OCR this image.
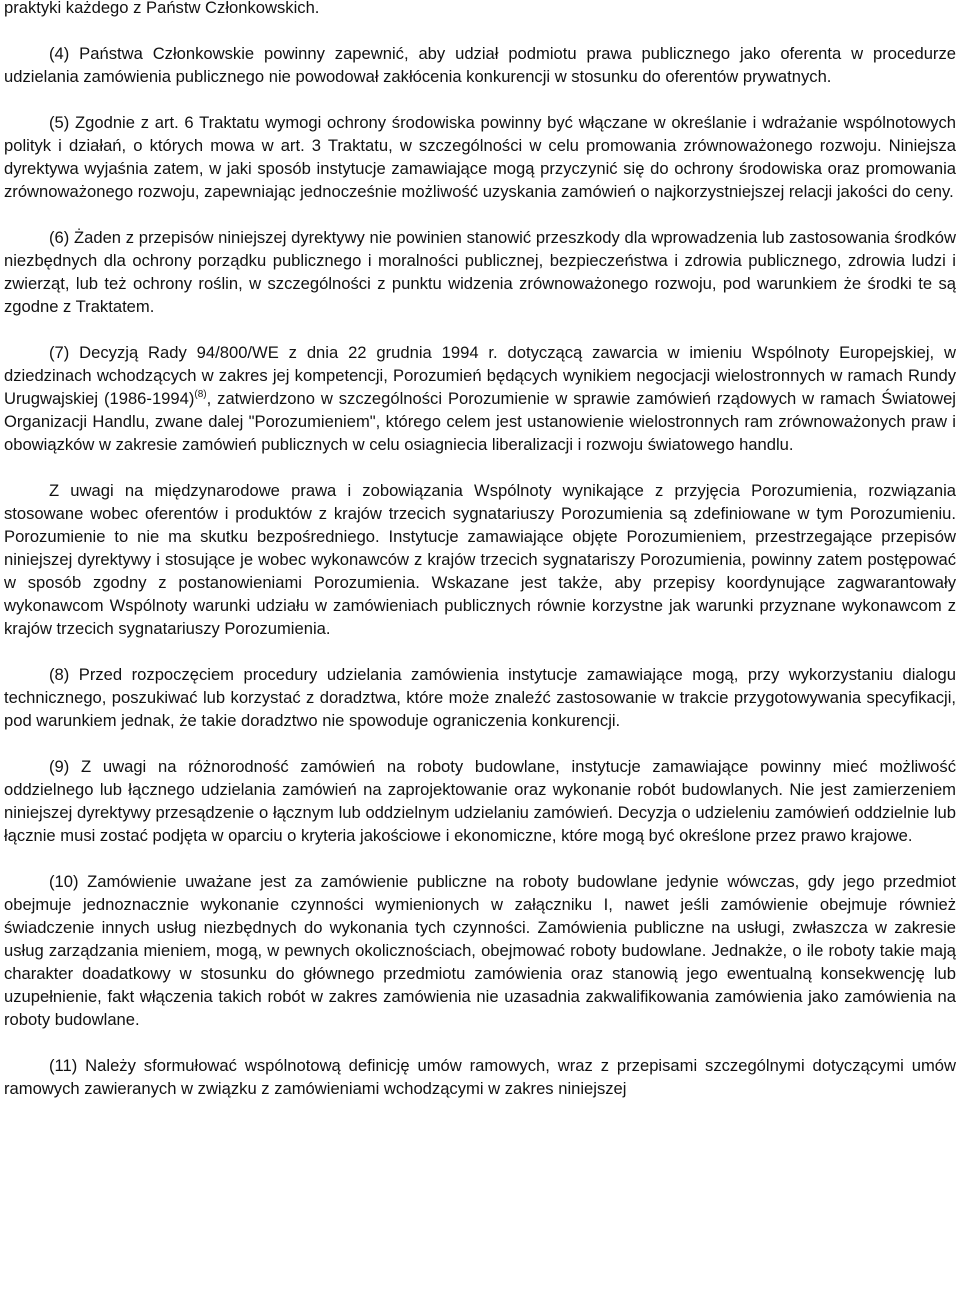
praktyki każdego z Państw Członkowskich.

(4) Państwa Członkowskie powinny zapewnić, aby udział podmiotu prawa publicznego jako oferenta w procedurze udzielania zamówienia publicznego nie powodował zakłócenia konkurencji w stosunku do oferentów prywatnych.

(5) Zgodnie z art. 6 Traktatu wymogi ochrony środowiska powinny być włączane w określanie i wdrażanie wspólnotowych polityk i działań, o których mowa w art. 3 Traktatu, w szczególności w celu promowania zrównoważonego rozwoju. Niniejsza dyrektywa wyjaśnia zatem, w jaki sposób instytucje zamawiające mogą przyczynić się do ochrony środowiska oraz promowania zrównoważonego rozwoju, zapewniając jednocześnie możliwość uzyskania zamówień o najkorzystniejszej relacji jakości do ceny.

(6) Żaden z przepisów niniejszej dyrektywy nie powinien stanowić przeszkody dla wprowadzenia lub zastosowania środków niezbędnych dla ochrony porządku publicznego i moralności publicznej, bezpieczeństwa i zdrowia publicznego, zdrowia ludzi i zwierząt, lub też ochrony roślin, w szczególności z punktu widzenia zrównoważonego rozwoju, pod warunkiem że środki te są zgodne z Traktatem.

(7) Decyzją Rady 94/800/WE z dnia 22 grudnia 1994 r. dotyczącą zawarcia w imieniu Wspólnoty Europejskiej, w dziedzinach wchodzących w zakres jej kompetencji, Porozumień będących wynikiem negocjacji wielostronnych w ramach Rundy Urugwajskiej (1986-1994)$^{(8)}$, zatwierdzono w szczególności Porozumienie w sprawie zamówień rządowych w ramach Światowej Organizacji Handlu, zwane dalej "Porozumieniem", którego celem jest ustanowienie wielostronnych ram zrównoważonych praw i obowiązków w zakresie zamówień publicznych w celu osiagniecia liberalizacji i rozwoju światowego handlu.

Z uwagi na międzynarodowe prawa i zobowiązania Wspólnoty wynikające z przyjęcia Porozumienia, rozwiązania stosowane wobec oferentów i produktów z krajów trzecich sygnatariuszy Porozumienia są zdefiniowane w tym Porozumieniu. Porozumienie to nie ma skutku bezpośredniego. Instytucje zamawiające objęte Porozumieniem, przestrzegające przepisów niniejszej dyrektywy i stosujące je wobec wykonawców z krajów trzecich sygnatariszy Porozumienia, powinny zatem postępować w sposób zgodny z postanowieniami Porozumienia. Wskazane jest także, aby przepisy koordynujące zagwarantowały wykonawcom Wspólnoty warunki udziału w zamówieniach publicznych równie korzystne jak warunki przyznane wykonawcom z krajów trzecich sygnatariuszy Porozumienia.

(8) Przed rozpoczęciem procedury udzielania zamówienia instytucje zamawiające mogą, przy wykorzystaniu dialogu technicznego, poszukiwać lub korzystać z doradztwa, które może znaleźć zastosowanie w trakcie przygotowywania specyfikacji, pod warunkiem jednak, że takie doradztwo nie spowoduje ograniczenia konkurencji.

(9) Z uwagi na różnorodność zamówień na roboty budowlane, instytucje zamawiające powinny mieć możliwość oddzielnego lub łącznego udzielania zamówień na zaprojektowanie oraz wykonanie robót budowlanych. Nie jest zamierzeniem niniejszej dyrektywy przesądzenie o łącznym lub oddzielnym udzielaniu zamówień. Decyzja o udzieleniu zamówień oddzielnie lub łącznie musi zostać podjęta w oparciu o kryteria jakościowe i ekonomiczne, które mogą być określone przez prawo krajowe.

(10) Zamówienie uważane jest za zamówienie publiczne na roboty budowlane jedynie wówczas, gdy jego przedmiot obejmuje jednoznacznie wykonanie czynności wymienionych w załączniku I, nawet jeśli zamówienie obejmuje również świadczenie innych usług niezbędnych do wykonania tych czynności. Zamówienia publiczne na usługi, zwłaszcza w zakresie usług zarządzania mieniem, mogą, w pewnych okolicznościach, obejmować roboty budowlane. Jednakże, o ile roboty takie mają charakter doadatkowy w stosunku do głównego przedmiotu zamówienia oraz stanowią jego ewentualną konsekwencję lub uzupełnienie, fakt włączenia takich robót w zakres zamówienia nie uzasadnia zakwalifikowania zamówienia jako zamówienia na roboty budowlane.

(11) Należy sformułować wspólnotową definicję umów ramowych, wraz z przepisami szczególnymi dotyczącymi umów ramowych zawieranych w związku z zamówieniami wchodzącymi w zakres niniejszej
